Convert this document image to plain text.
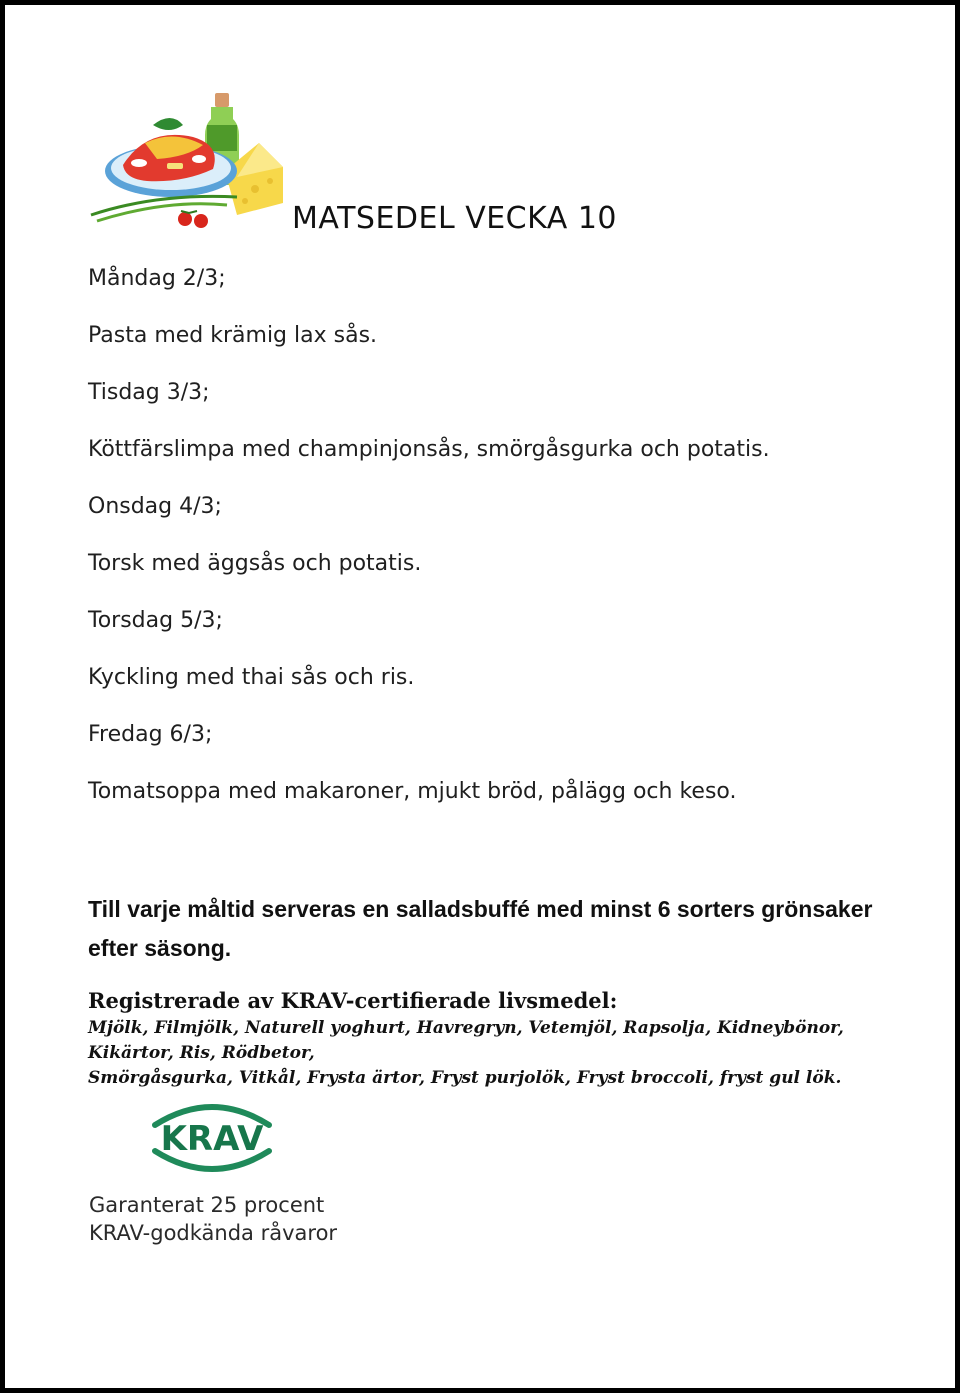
MATSEDEL VECKA 10
Måndag 2/3;
Pasta med krämig lax sås.
Tisdag 3/3;
Köttfärslimpa med champinjonsås, smörgåsgurka och potatis.
Onsdag 4/3;
Torsk med äggsås och potatis.
Torsdag 5/3;
Kyckling med thai sås och ris.
Fredag 6/3;
Tomatsoppa med makaroner, mjukt bröd, pålägg och keso.
Till varje måltid serveras en salladsbuffé med minst 6 sorters grönsaker efter säsong.
Registrerade av KRAV-certifierade livsmedel:
Mjölk, Filmjölk, Naturell yoghurt, Havregryn, Vetemjöl, Rapsolja, Kidneybönor,
Kikärtor, Ris, Rödbetor,
Smörgåsgurka, Vitkål, Frysta ärtor, Fryst purjolök, Fryst broccoli, fryst gul lök.
KRAV
Garanterat 25 procent
KRAV-godkända råvaror
